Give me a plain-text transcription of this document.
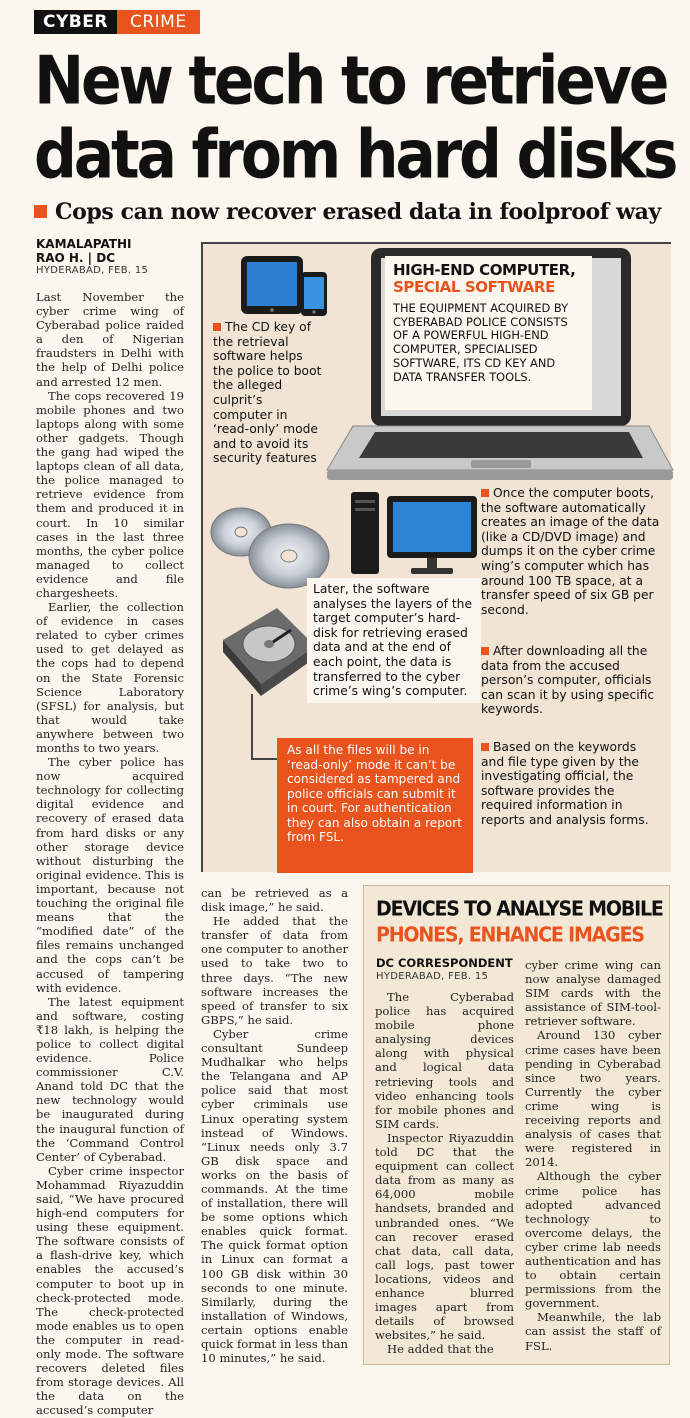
CYBER	CRIME
New tech to retrieve
data from hard disks
Cops can now recover erased data in foolproof way
KAMALAPATHI
RAO H. | DC
HYDERABAD, FEB. 15

Last November the cyber crime wing of Cyberabad police raided a den of Nigerian fraudsters in Delhi with the help of Delhi police and arrested 12 men.

The cops recovered 19 mobile phones and two laptops along with some other gadgets. Though the gang had wiped the laptops clean of all data, the police managed to retrieve evidence from them and produced it in court. In 10 similar cases in the last three months, the cyber police managed to collect evidence and file chargesheets.

Earlier, the collection of evidence in cases related to cyber crimes used to get delayed as the cops had to depend on the State Forensic Science Laboratory (SFSL) for analysis, but that would take anywhere between two months to two years.

The cyber police has now acquired technology for collecting digital evidence and recovery of erased data from hard disks or any other storage device without disturbing the original evidence. This is important, because not touching the original file means that the “modified date” of the files remains unchanged and the cops can’t be accused of tampering with evidence.

The latest equipment and software, costing ₹18 lakh, is helping the police to collect digital evidence. Police commissioner C.V. Anand told DC that the new technology would be inaugurated during the inaugural function of the ‘Command Control Center’ of Cyberabad.

Cyber crime inspector Mohammad Riyazuddin said, “We have procured high-end computers for using these equipment. The software consists of a flash-drive key, which enables the accused’s computer to boot up in check-protected mode. The check-protected mode enables us to open the computer in read-only mode. The software recovers deleted files from storage devices. All the data on the accused’s computer

HIGH-END COMPUTER,
SPECIAL SOFTWARE
THE EQUIPMENT ACQUIRED BY CYBERABAD POLICE CONSISTS OF A POWERFUL HIGH-END COMPUTER, SPECIALISED SOFTWARE, ITS CD KEY AND DATA TRANSFER TOOLS.
The CD key of the retrieval software helps the police to boot the alleged culprit’s computer in ‘read-only’ mode and to avoid its security features
Once the computer boots, the software automatically creates an image of the data (like a CD/DVD image) and dumps it on the cyber crime wing’s computer which has around 100 TB space, at a transfer speed of six GB per second.
Later, the software analyses the layers of the target computer’s hard-disk for retrieving erased data and at the end of each point, the data is transferred to the cyber crime’s wing’s computer.
After downloading all the data from the accused person’s computer, officials can scan it by using specific keywords.
Based on the keywords and file type given by the investigating official, the software provides the required information in reports and analysis forms.
As all the files will be in ‘read-only’ mode it can’t be considered as tampered and police officials can submit it in court. For authentication they can also obtain a report from FSL.

can be retrieved as a disk image,” he said.

He added that the transfer of data from one computer to another used to take two to three days. “The new software increases the speed of transfer to six GBPS,” he said.

Cyber crime consultant Sundeep Mudhalkar who helps the Telangana and AP police said that most cyber criminals use Linux operating system instead of Windows. “Linux needs only 3.7 GB disk space and works on the basis of commands. At the time of installation, there will be some options which enables quick format. The quick format option in Linux can format a 100 GB disk within 30 seconds to one minute. Similarly, during the installation of Windows, certain options enable quick format in less than 10 minutes,” he said.

DEVICES TO ANALYSE MOBILE
PHONES, ENHANCE IMAGES
DC CORRESPONDENT
HYDERABAD, FEB. 15

The Cyberabad police has acquired mobile phone analysing devices along with physical and logical data retrieving tools and video enhancing tools for mobile phones and SIM cards.

Inspector Riyazuddin told DC that the equipment can collect data from as many as 64,000 mobile handsets, branded and unbranded ones. “We can recover erased chat data, call data, call logs, past tower locations, videos and enhance blurred images apart from details of browsed websites,” he said.

He added that the

cyber crime wing can now analyse damaged SIM cards with the assistance of SIM-tool-retriever software.

Around 130 cyber crime cases have been pending in Cyberabad since two years. Currently the cyber crime wing is receiving reports and analysis of cases that were registered in 2014.

Although the cyber crime police has adopted advanced technology to overcome delays, the cyber crime lab needs authentication and has to obtain certain permissions from the government.

Meanwhile, the lab can assist the staff of FSL.
